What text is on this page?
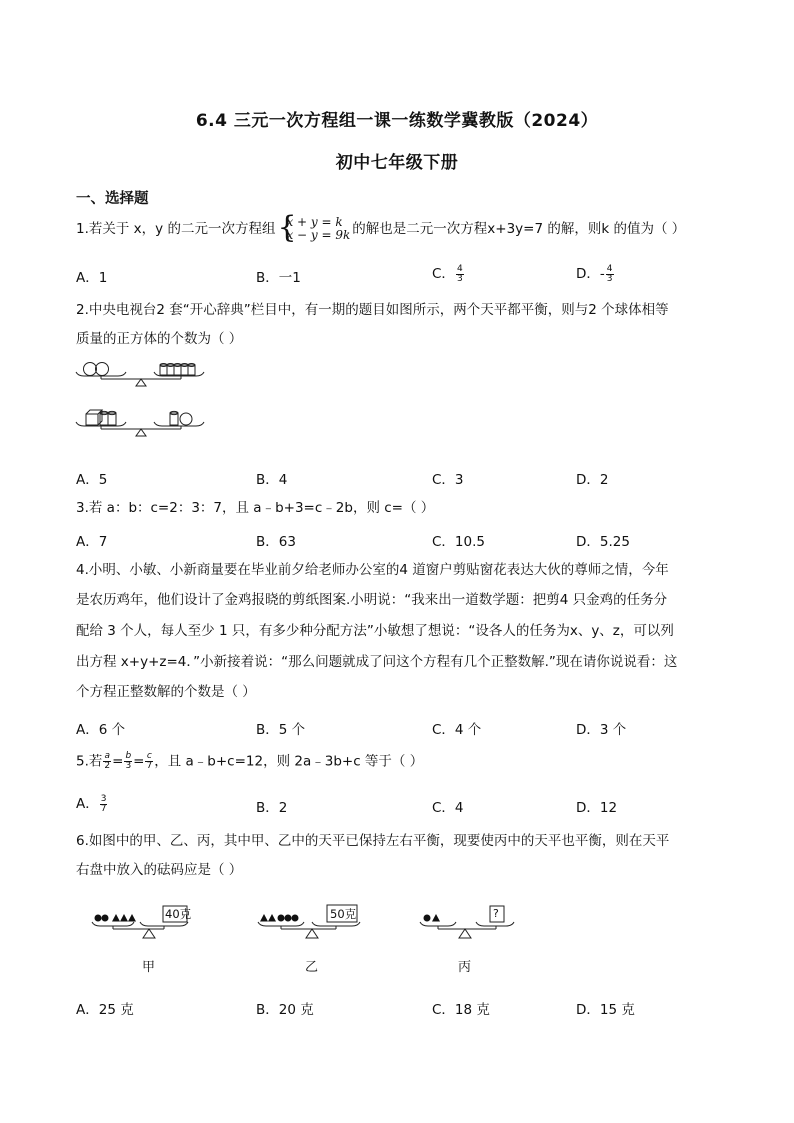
6.4 三元一次方程组一课一练数学冀教版（2024）
初中七年级下册
一、选择题
1.若关于 x，y 的二元一次方程组 {
x + y = k
x − y = 9k 的解也是二元一次方程x+3y=7 的解，则k 的值为（ ）
A．1	B．一1	C． $\frac{4}{3}$	D．- $\frac{4}{3}$
2.中央电视台2 套“开心辞典”栏目中，有一期的题目如图所示，两个天平都平衡，则与2 个球体相等
质量的正方体的个数为（ ）
A．5	B．4	C．3	D．2
3.若 a：b：c=2：3：7，且 a﹣b+3=c﹣2b，则 c=（ ）
A．7	B．63	C．10.5	D．5.25
4.小明、小敏、小新商量要在毕业前夕给老师办公室的4 道窗户剪贴窗花表达大伙的尊师之情，今年
是农历鸡年，他们设计了金鸡报晓的剪纸图案.小明说：“我来出一道数学题：把剪4 只金鸡的任务分
配给 3 个人，每人至少 1 只，有多少种分配方法”小敏想了想说：“设各人的任务为x、y、z，可以列
出方程 x+y+z=4．”小新接着说：“那么问题就成了问这个方程有几个正整数解.”现在请你说说看：这
个方程正整数解的个数是（ ）
A．6 个	B．5 个	C．4 个	D．3 个
5.若 $\frac{a}{2} = \frac{b}{3} = \frac{c}{7}$ ，且 a﹣b+c=12，则 2a﹣3b+c 等于（ ）
A． $\frac{3}{7}$	B．2	C．4	D．12
6.如图中的甲、乙、丙，其中甲、乙中的天平已保持左右平衡，现要使丙中的天平也平衡，则在天平
右盘中放入的砝码应是（ ）
40克	50克	?
甲	乙	丙
A．25 克	B．20 克	C．18 克	D．15 克
